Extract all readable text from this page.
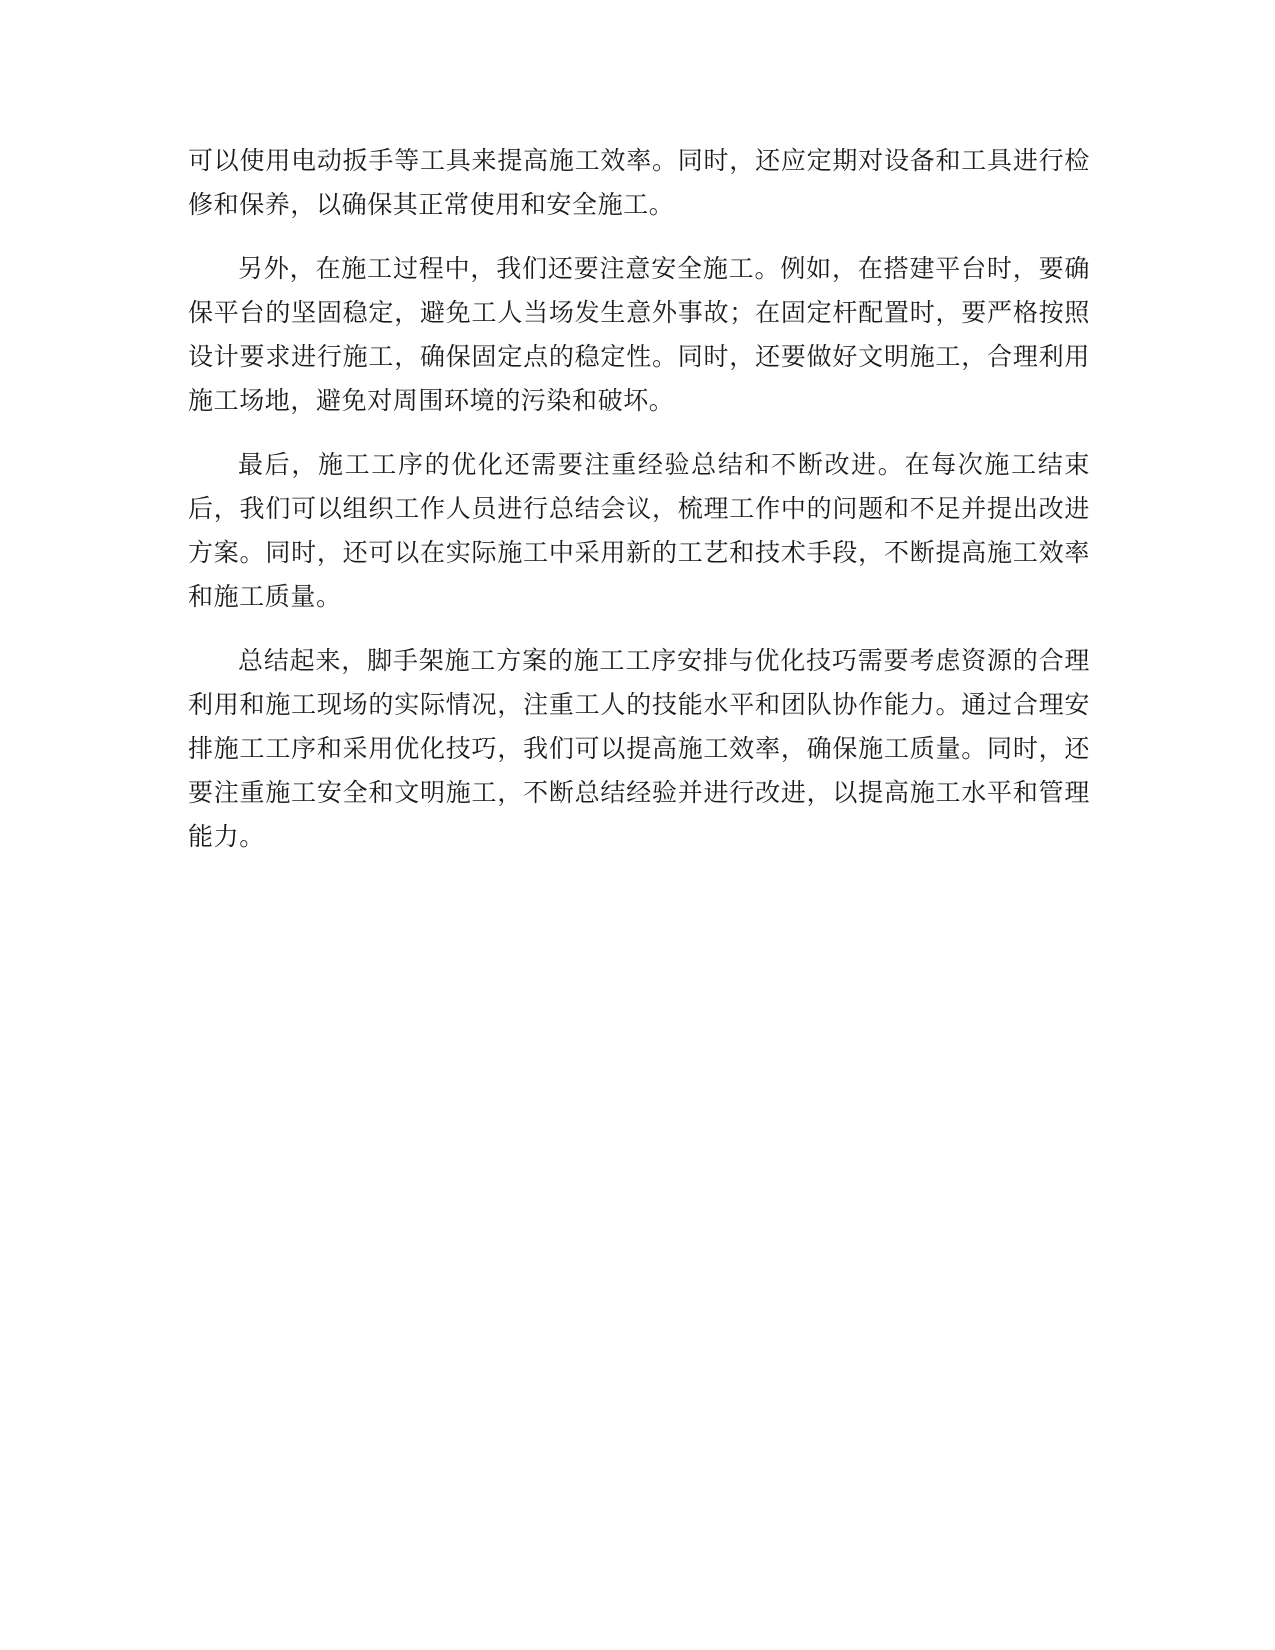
可以使用电动扳手等工具来提高施工效率。同时，还应定期对设备和工具进行检修和保养，以确保其正常使用和安全施工。

另外，在施工过程中，我们还要注意安全施工。例如，在搭建平台时，要确保平台的坚固稳定，避免工人当场发生意外事故；在固定杆配置时，要严格按照设计要求进行施工，确保固定点的稳定性。同时，还要做好文明施工，合理利用施工场地，避免对周围环境的污染和破坏。

最后，施工工序的优化还需要注重经验总结和不断改进。在每次施工结束后，我们可以组织工作人员进行总结会议，梳理工作中的问题和不足并提出改进方案。同时，还可以在实际施工中采用新的工艺和技术手段，不断提高施工效率和施工质量。

总结起来，脚手架施工方案的施工工序安排与优化技巧需要考虑资源的合理利用和施工现场的实际情况，注重工人的技能水平和团队协作能力。通过合理安排施工工序和采用优化技巧，我们可以提高施工效率，确保施工质量。同时，还要注重施工安全和文明施工，不断总结经验并进行改进，以提高施工水平和管理能力。
